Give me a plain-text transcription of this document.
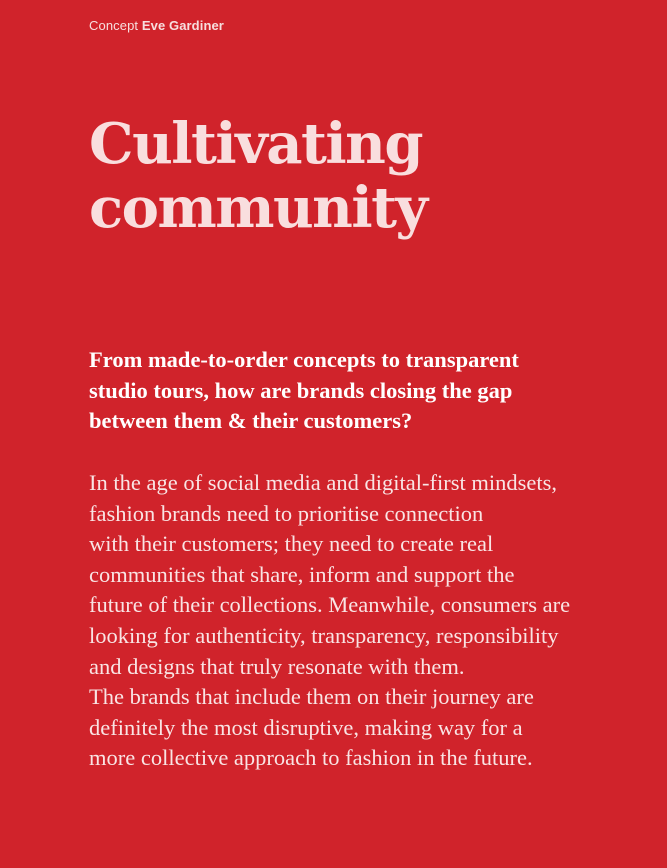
Concept Eve Gardiner
Cultivating
community

From made-to-order concepts to transparent
studio tours, how are brands closing the gap
between them & their customers?

In the age of social media and digital-first mindsets,
fashion brands need to prioritise connection
with their customers; they need to create real
communities that share, inform and support the
future of their collections. Meanwhile, consumers are
looking for authenticity, transparency, responsibility
and designs that truly resonate with them.
The brands that include them on their journey are
definitely the most disruptive, making way for a
more collective approach to fashion in the future.
